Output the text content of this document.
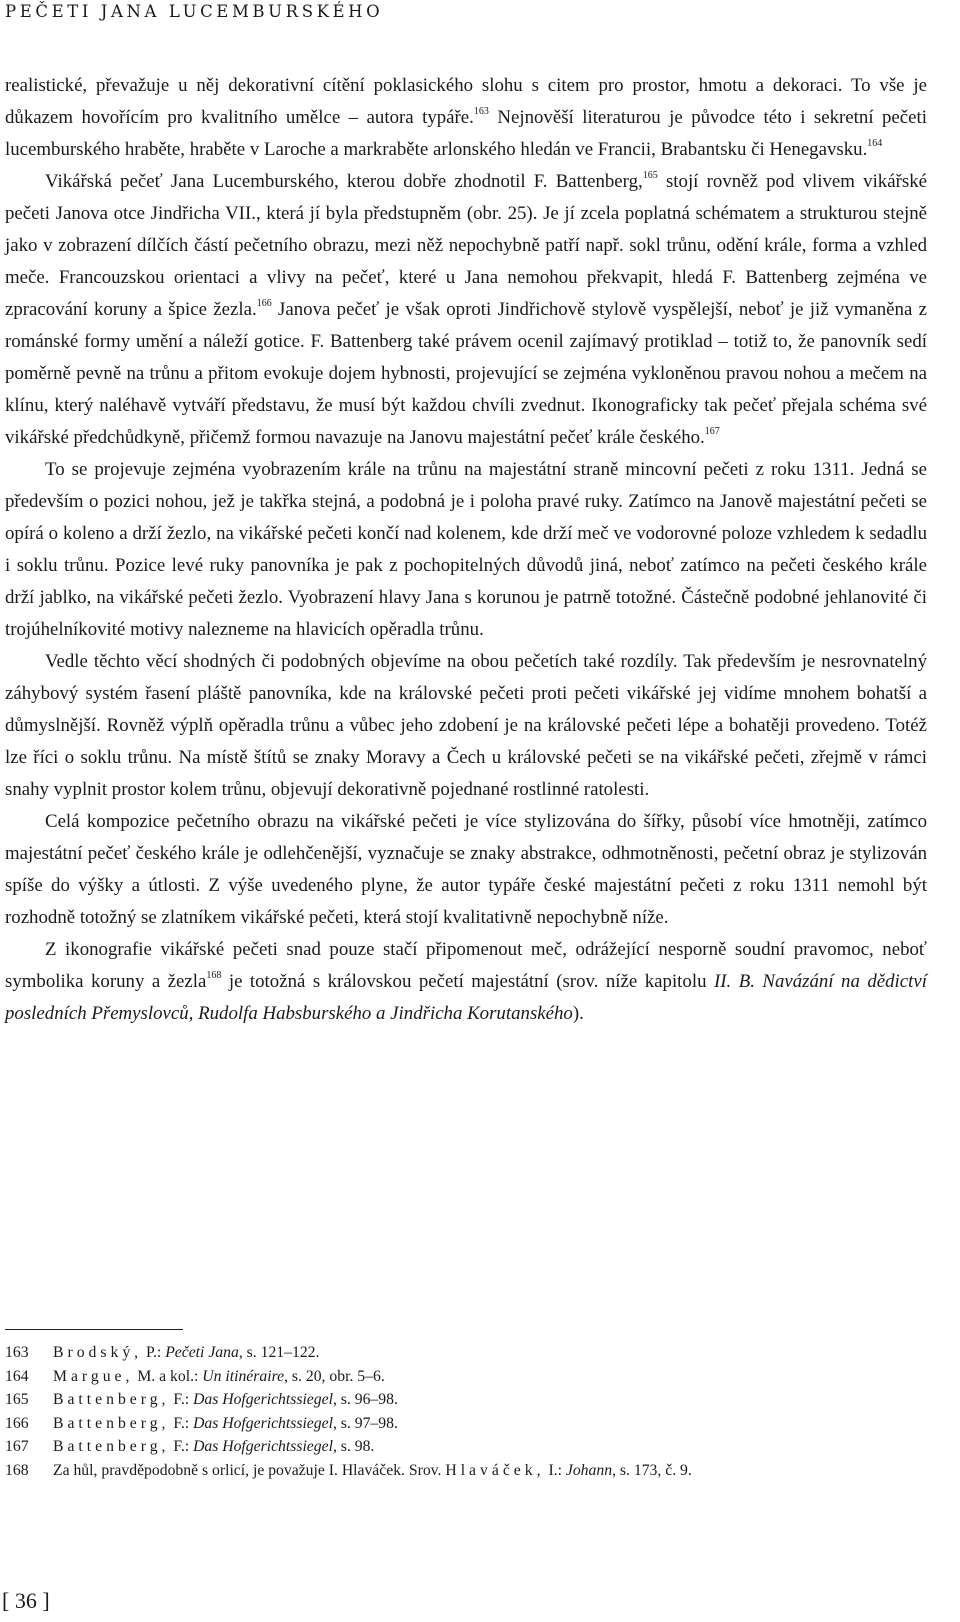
PEČETI JANA LUCEMBURSKÉHO

realistické, převažuje u něj dekorativní cítění poklasického slohu s citem pro prostor, hmotu a dekoraci. To vše je důkazem hovořícím pro kvalitního umělce – autora typáře.$^{163}$ Nejnověší literaturou je původce této i sekretní pečeti lucemburského hraběte, hraběte v Laroche a markraběte arlonského hledán ve Francii, Brabantsku či Henegavsku.$^{164}$

Vikářská pečeť Jana Lucemburského, kterou dobře zhodnotil F. Battenberg,$^{165}$ stojí rovněž pod vlivem vikářské pečeti Janova otce Jindřicha VII., která jí byla předstupněm (obr. 25). Je jí zcela poplatná schématem a strukturou stejně jako v zobrazení dílčích částí pečetního obrazu, mezi něž nepochybně patří např. sokl trůnu, odění krále, forma a vzhled meče. Francouzskou orientaci a vlivy na pečeť, které u Jana nemohou překvapit, hledá F. Battenberg zejména ve zpracování koruny a špice žezla.$^{166}$ Janova pečeť je však oproti Jindřichově stylově vyspělejší, neboť je již vymaněna z románské formy umění a náleží gotice. F. Battenberg také právem ocenil zajímavý protiklad – totiž to, že panovník sedí poměrně pevně na trůnu a přitom evokuje dojem hybnosti, projevující se zejména vykloněnou pravou nohou a mečem na klínu, který naléhavě vytváří představu, že musí být každou chvíli zvednut. Ikonograficky tak pečeť přejala schéma své vikářské předchůdkyně, přičemž formou navazuje na Janovu majestátní pečeť krále českého.$^{167}$

To se projevuje zejména vyobrazením krále na trůnu na majestátní straně mincovní pečeti z roku 1311. Jedná se především o pozici nohou, jež je takřka stejná, a podobná je i poloha pravé ruky. Zatímco na Janově majestátní pečeti se opírá o koleno a drží žezlo, na vikářské pečeti končí nad kolenem, kde drží meč ve vodorovné poloze vzhledem k sedadlu i soklu trůnu. Pozice levé ruky panovníka je pak z pochopitelných důvodů jiná, neboť zatímco na pečeti českého krále drží jablko, na vikářské pečeti žezlo. Vyobrazení hlavy Jana s korunou je patrně totožné. Částečně podobné jehlanovité či trojúhelníkovité motivy nalezneme na hlavicích opěradla trůnu.

Vedle těchto věcí shodných či podobných objevíme na obou pečetích také rozdíly. Tak především je nesrovnatelný záhybový systém řasení pláště panovníka, kde na královské pečeti proti pečeti vikářské jej vidíme mnohem bohatší a důmyslnější. Rovněž výplň opěradla trůnu a vůbec jeho zdobení je na královské pečeti lépe a bohatěji provedeno. Totéž lze říci o soklu trůnu. Na místě štítů se znaky Moravy a Čech u královské pečeti se na vikářské pečeti, zřejmě v rámci snahy vyplnit prostor kolem trůnu, objevují dekorativně pojednané rostlinné ratolesti.

Celá kompozice pečetního obrazu na vikářské pečeti je více stylizována do šířky, působí více hmotněji, zatímco majestátní pečeť českého krále je odlehčenější, vyznačuje se znaky abstrakce, odhmotněnosti, pečetní obraz je stylizován spíše do výšky a útlosti. Z výše uvedeného plyne, že autor typáře české majestátní pečeti z roku 1311 nemohl být rozhodně totožný se zlatníkem vikářské pečeti, která stojí kvalitativně nepochybně níže.

Z ikonografie vikářské pečeti snad pouze stačí připomenout meč, odrážející nesporně soudní pravomoc, neboť symbolika koruny a žezla$^{168}$ je totožná s královskou pečetí majestátní (srov. níže kapitolu II. B. Navázání na dědictví posledních Přemyslovců, Rudolfa Habsburského a Jindřicha Korutanského).

163 Brodský, P.: Pečeti Jana, s. 121–122.
164 Margue, M. a kol.: Un itinéraire, s. 20, obr. 5–6.
165 Battenberg, F.: Das Hofgerichtssiegel, s. 96–98.
166 Battenberg, F.: Das Hofgerichtssiegel, s. 97–98.
167 Battenberg, F.: Das Hofgerichtssiegel, s. 98.
168 Za hůl, pravděpodobně s orlicí, je považuje I. Hlaváček. Srov. Hlaváček, I.: Johann, s. 173, č. 9.
[ 36 ]
